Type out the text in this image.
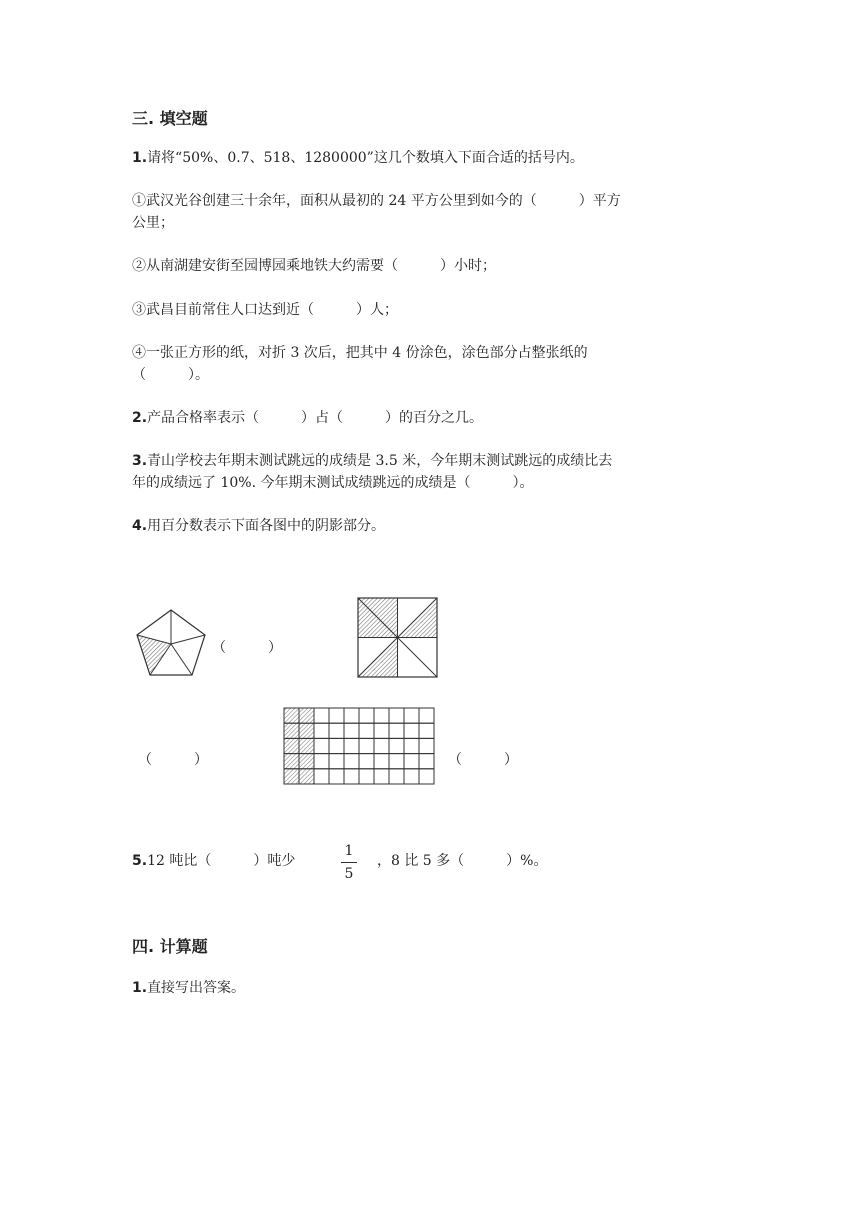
三. 填空题
1.请将“50%、0.7、518、1280000”这几个数填入下面合适的括号内。
①武汉光谷创建三十余年，面积从最初的 24 平方公里到如今的（　　　）平方
公里；
②从南湖建安街至园博园乘地铁大约需要（　　　）小时；
③武昌目前常住人口达到近（　　　）人；
④一张正方形的纸，对折 3 次后，把其中 4 份涂色，涂色部分占整张纸的
（　　　）。
2.产品合格率表示（　　　）占（　　　）的百分之几。
3.青山学校去年期末测试跳远的成绩是 3.5 米，今年期末测试跳远的成绩比去
年的成绩远了 10%. 今年期末测试成绩跳远的成绩是（　　　）。
4.用百分数表示下面各图中的阴影部分。
（　　　）
（　　　）	（　　　）
5.12 吨比（　　　）吨少
1
5
，8 比 5 多（　　　）%。
四. 计算题
1.直接写出答案。
